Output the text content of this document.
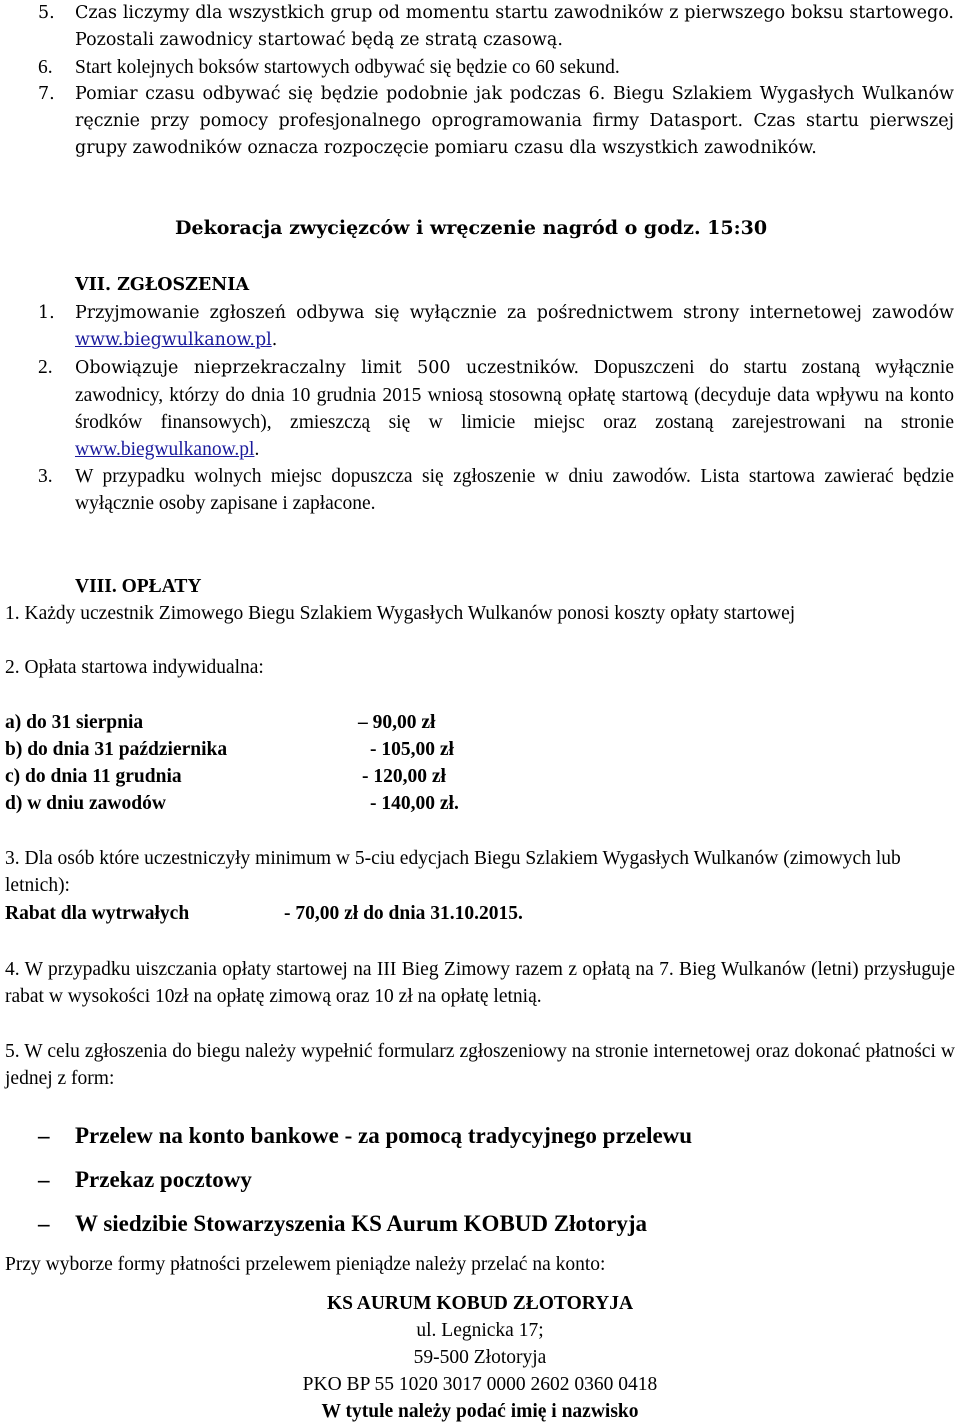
5. Czas liczymy dla wszystkich grup od momentu startu zawodników z pierwszego boksu startowego. Pozostali zawodnicy startować będą ze stratą czasową.
6. Start kolejnych boksów startowych odbywać się będzie co 60 sekund.
7. Pomiar czasu odbywać się będzie podobnie jak podczas 6. Biegu Szlakiem Wygasłych Wulkanów ręcznie przy pomocy profesjonalnego oprogramowania firmy Datasport. Czas startu pierwszej grupy zawodników oznacza rozpoczęcie pomiaru czasu dla wszystkich zawodników.
Dekoracja zwycięzców i wręczenie nagród o godz. 15:30
VII. ZGŁOSZENIA
1. Przyjmowanie zgłoszeń odbywa się wyłącznie za pośrednictwem strony internetowej zawodów www.biegwulkanow.pl.
2. Obowiązuje nieprzekraczalny limit 500 uczestników. Dopuszczeni do startu zostaną wyłącznie zawodnicy, którzy do dnia 10 grudnia 2015 wniosą stosowną opłatę startową (decyduje data wpływu na konto środków finansowych), zmieszczą się w limicie miejsc oraz zostaną zarejestrowani na stronie www.biegwulkanow.pl.
3. W przypadku wolnych miejsc dopuszcza się zgłoszenie w dniu zawodów. Lista startowa zawierać będzie wyłącznie osoby zapisane i zapłacone.
VIII. OPŁATY
1. Każdy uczestnik Zimowego Biegu Szlakiem Wygasłych Wulkanów ponosi koszty opłaty startowej
2. Opłata startowa indywidualna:
a) do 31 sierpnia	– 90,00 zł
b) do dnia 31 października	- 105,00 zł
c) do dnia 11 grudnia	- 120,00 zł
d) w dniu zawodów	- 140,00 zł.
3. Dla osób które uczestniczyły minimum w 5-ciu edycjach Biegu Szlakiem Wygasłych Wulkanów (zimowych lub letnich):
Rabat dla wytrwałych	- 70,00 zł do dnia 31.10.2015.
4. W przypadku uiszczania opłaty startowej na III Bieg Zimowy razem z opłatą na 7. Bieg Wulkanów (letni) przysługuje rabat w wysokości 10zł na opłatę zimową oraz 10 zł na opłatę letnią.
5. W celu zgłoszenia do biegu należy wypełnić formularz zgłoszeniowy na stronie internetowej oraz dokonać płatności w jednej z form:
– Przelew na konto bankowe - za pomocą tradycyjnego przelewu
– Przekaz pocztowy
– W siedzibie Stowarzyszenia KS Aurum KOBUD Złotoryja
Przy wyborze formy płatności przelewem pieniądze należy przelać na konto:
KS AURUM KOBUD ZŁOTORYJA
ul. Legnicka 17;
59-500 Złotoryja
PKO BP 55 1020 3017 0000 2602 0360 0418
W tytule należy podać imię i nazwisko
